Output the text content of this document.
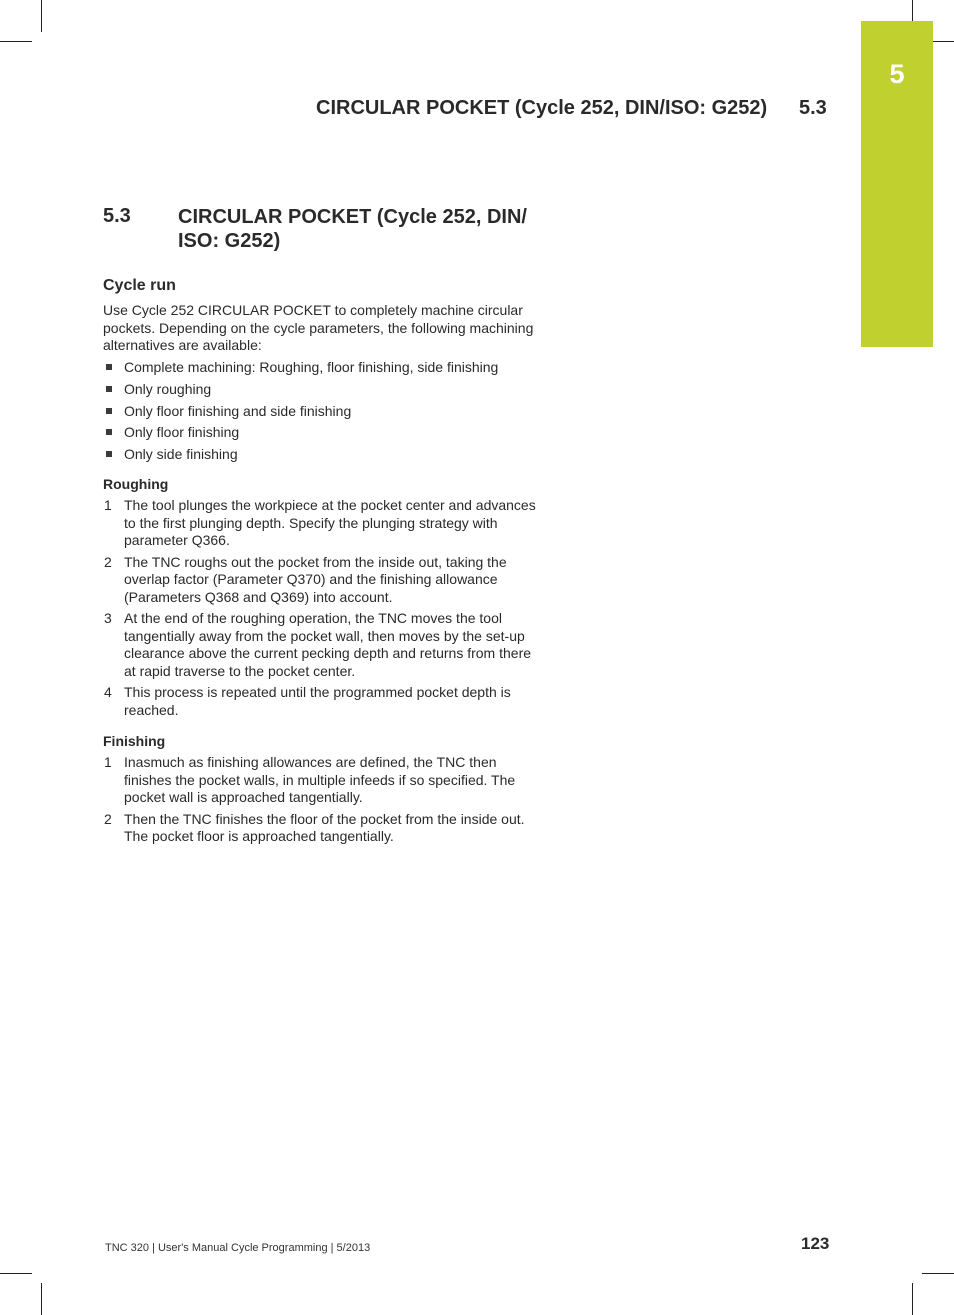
5
CIRCULAR POCKET (Cycle 252, DIN/ISO: G252) 5.3
5.3 CIRCULAR POCKET (Cycle 252, DIN/ ISO: G252)
Cycle run
Use Cycle 252 CIRCULAR POCKET to completely machine circular pockets. Depending on the cycle parameters, the following machining alternatives are available:
Complete machining: Roughing, floor finishing, side finishing
Only roughing
Only floor finishing and side finishing
Only floor finishing
Only side finishing
Roughing
1 The tool plunges the workpiece at the pocket center and advances to the first plunging depth. Specify the plunging strategy with parameter Q366.
2 The TNC roughs out the pocket from the inside out, taking the overlap factor (Parameter Q370) and the finishing allowance (Parameters Q368 and Q369) into account.
3 At the end of the roughing operation, the TNC moves the tool tangentially away from the pocket wall, then moves by the set-up clearance above the current pecking depth and returns from there at rapid traverse to the pocket center.
4 This process is repeated until the programmed pocket depth is reached.
Finishing
1 Inasmuch as finishing allowances are defined, the TNC then finishes the pocket walls, in multiple infeeds if so specified. The pocket wall is approached tangentially.
2 Then the TNC finishes the floor of the pocket from the inside out. The pocket floor is approached tangentially.
TNC 320 | User's Manual Cycle Programming | 5/2013	123
